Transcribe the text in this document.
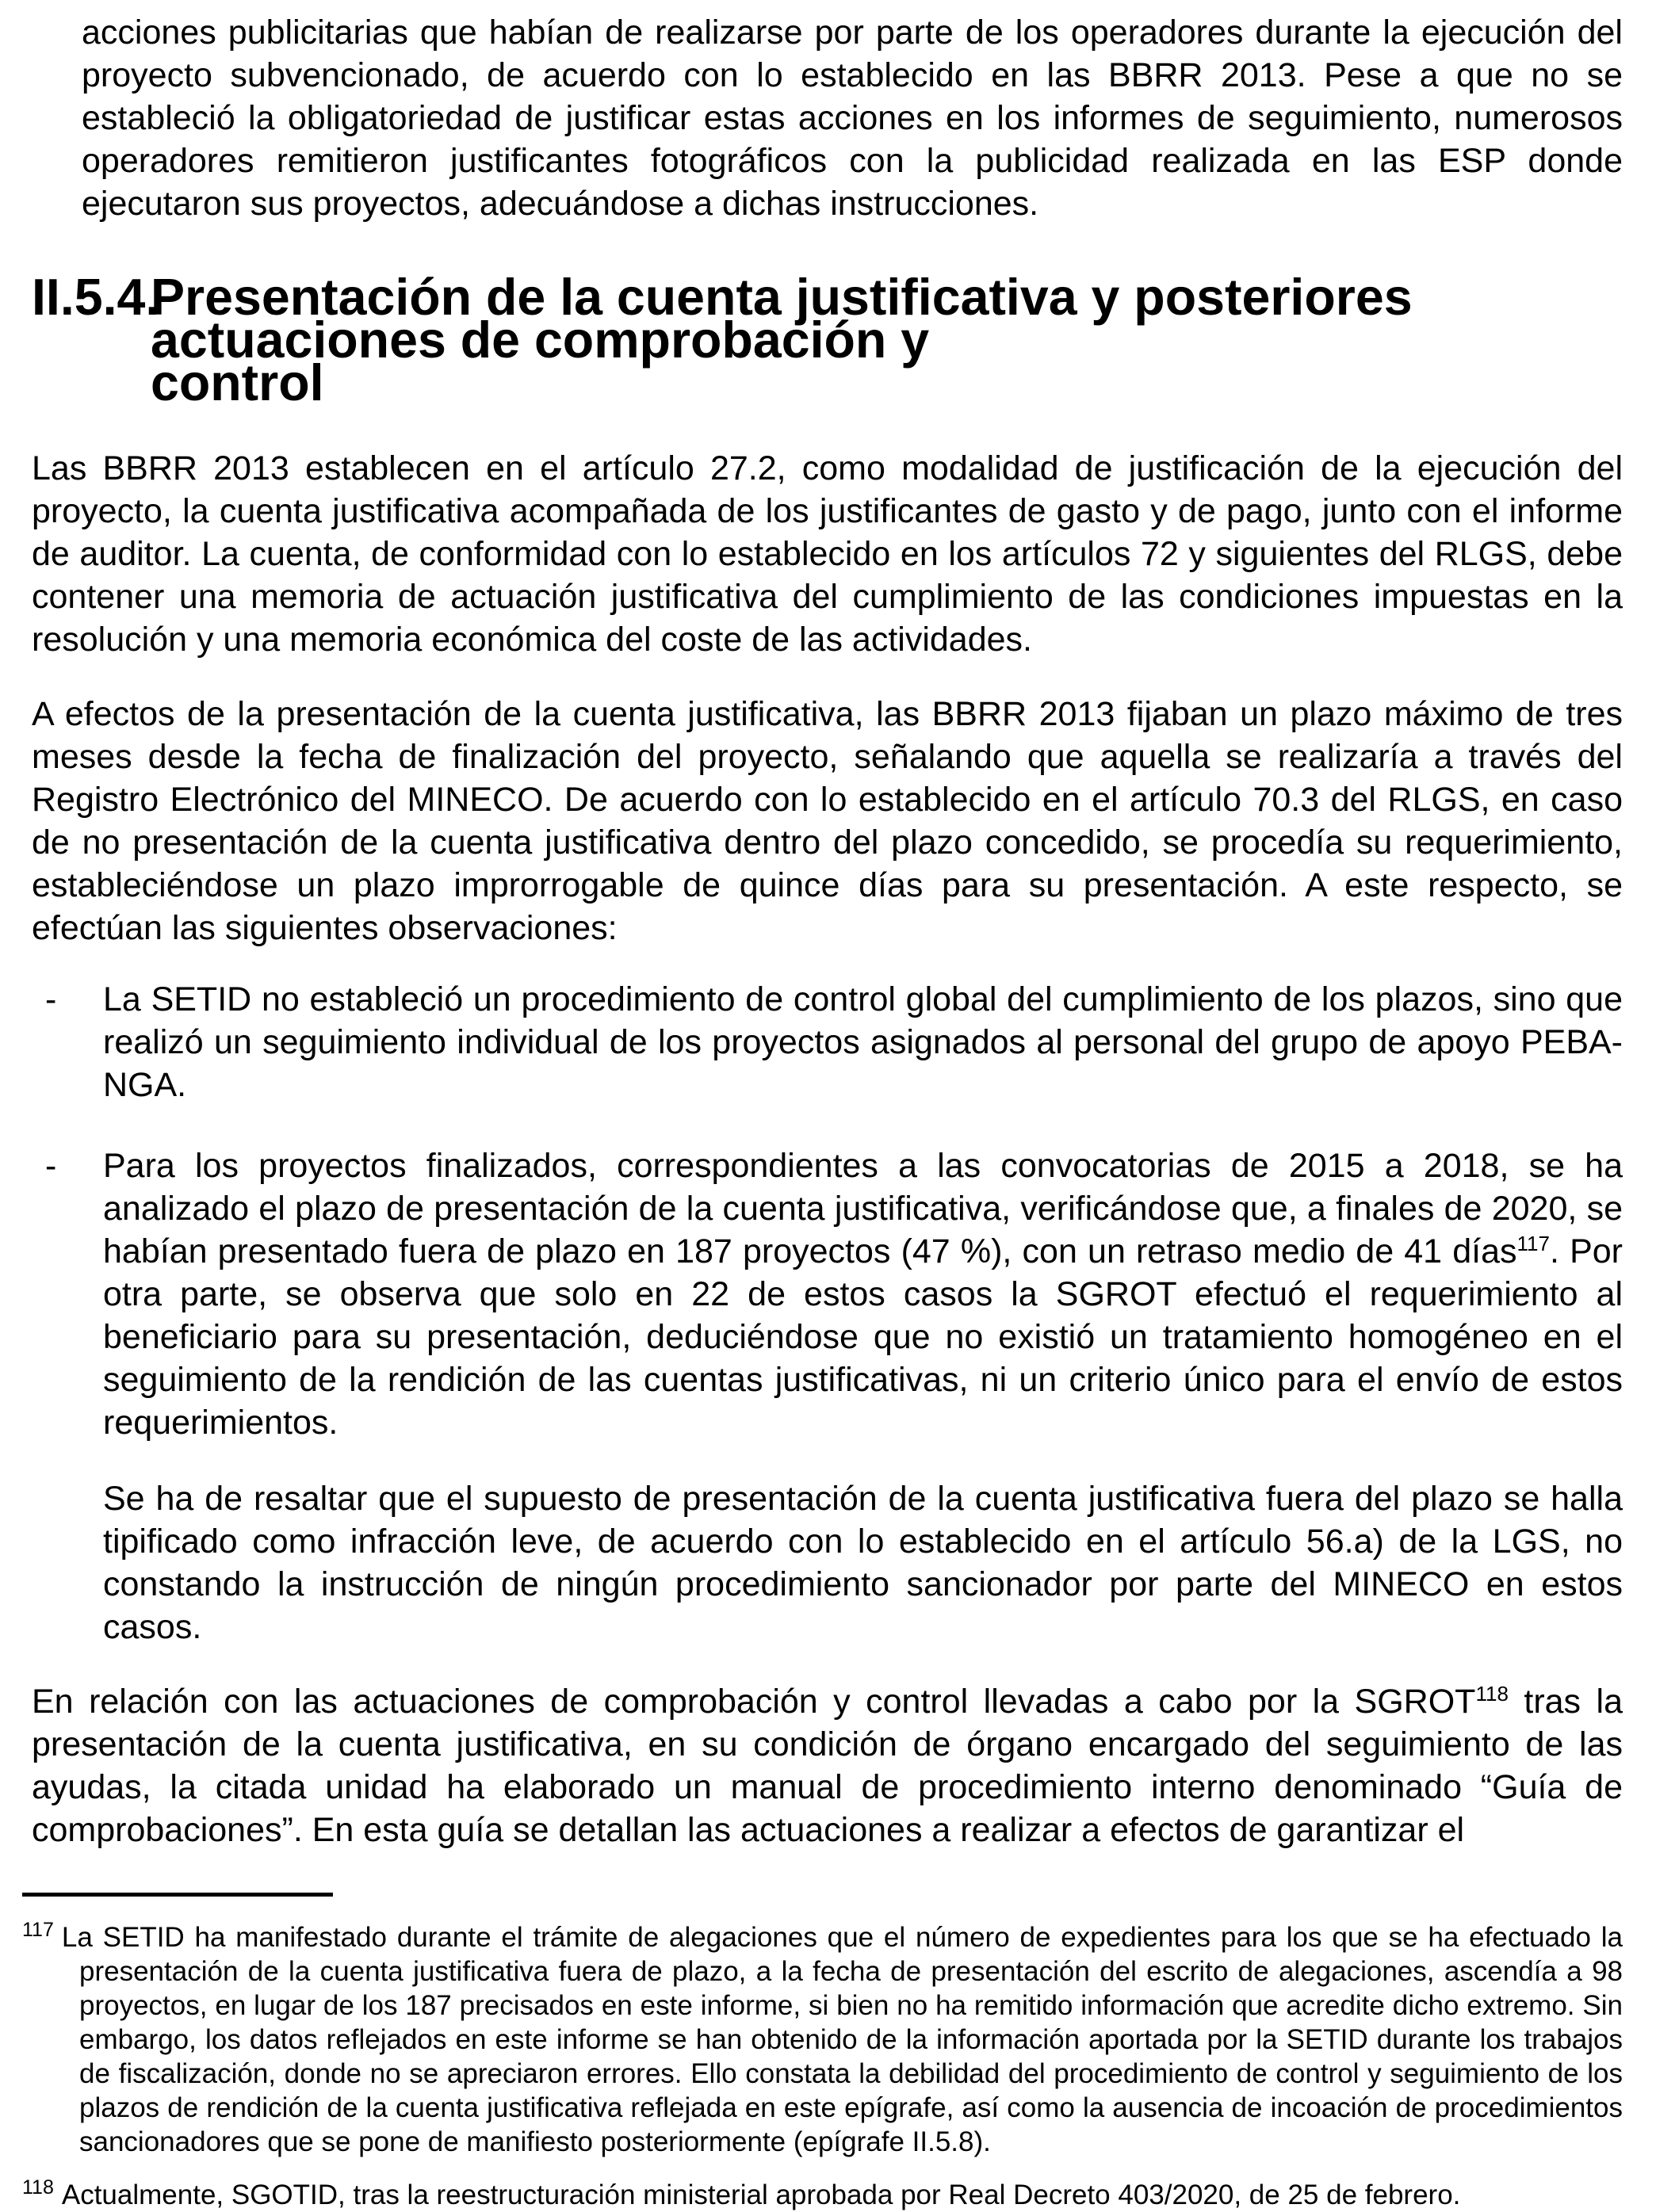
acciones publicitarias que habían de realizarse por parte de los operadores durante la ejecución del proyecto subvencionado, de acuerdo con lo establecido en las BBRR 2013. Pese a que no se estableció la obligatoriedad de justificar estas acciones en los informes de seguimiento, numerosos operadores remitieron justificantes fotográficos con la publicidad realizada en las ESP donde ejecutaron sus proyectos, adecuándose a dichas instrucciones.

II.5.4.
Presentación de la cuenta justificativa y posteriores actuaciones de comprobación y
control

Las BBRR 2013 establecen en el artículo 27.2, como modalidad de justificación de la ejecución del proyecto, la cuenta justificativa acompañada de los justificantes de gasto y de pago, junto con el informe de auditor. La cuenta, de conformidad con lo establecido en los artículos 72 y siguientes del RLGS, debe contener una memoria de actuación justificativa del cumplimiento de las condiciones impuestas en la resolución y una memoria económica del coste de las actividades.

A efectos de la presentación de la cuenta justificativa, las BBRR 2013 fijaban un plazo máximo de tres meses desde la fecha de finalización del proyecto, señalando que aquella se realizaría a través del Registro Electrónico del MINECO. De acuerdo con lo establecido en el artículo 70.3 del RLGS, en caso de no presentación de la cuenta justificativa dentro del plazo concedido, se procedía su requerimiento, estableciéndose un plazo improrrogable de quince días para su presentación. A este respecto, se efectúan las siguientes observaciones:

- La SETID no estableció un procedimiento de control global del cumplimiento de los plazos, sino que realizó un seguimiento individual de los proyectos asignados al personal del grupo de apoyo PEBA-NGA.

- Para los proyectos finalizados, correspondientes a las convocatorias de 2015 a 2018, se ha analizado el plazo de presentación de la cuenta justificativa, verificándose que, a finales de 2020, se habían presentado fuera de plazo en 187 proyectos (47 %), con un retraso medio de 41 días$^{117}$. Por otra parte, se observa que solo en 22 de estos casos la SGROT efectuó el requerimiento al beneficiario para su presentación, deduciéndose que no existió un tratamiento homogéneo en el seguimiento de la rendición de las cuentas justificativas, ni un criterio único para el envío de estos requerimientos.

Se ha de resaltar que el supuesto de presentación de la cuenta justificativa fuera del plazo se halla tipificado como infracción leve, de acuerdo con lo establecido en el artículo 56.a) de la LGS, no constando la instrucción de ningún procedimiento sancionador por parte del MINECO en estos casos.

En relación con las actuaciones de comprobación y control llevadas a cabo por la SGROT$^{118}$ tras la presentación de la cuenta justificativa, en su condición de órgano encargado del seguimiento de las ayudas, la citada unidad ha elaborado un manual de procedimiento interno denominado “Guía de comprobaciones”. En esta guía se detallan las actuaciones a realizar a efectos de garantizar el

$^{117}$ La SETID ha manifestado durante el trámite de alegaciones que el número de expedientes para los que se ha efectuado la presentación de la cuenta justificativa fuera de plazo, a la fecha de presentación del escrito de alegaciones, ascendía a 98 proyectos, en lugar de los 187 precisados en este informe, si bien no ha remitido información que acredite dicho extremo. Sin embargo, los datos reflejados en este informe se han obtenido de la información aportada por la SETID durante los trabajos de fiscalización, donde no se apreciaron errores. Ello constata la debilidad del procedimiento de control y seguimiento de los plazos de rendición de la cuenta justificativa reflejada en este epígrafe, así como la ausencia de incoación de procedimientos sancionadores que se pone de manifiesto posteriormente (epígrafe II.5.8).
$^{118}$ Actualmente, SGOTID, tras la reestructuración ministerial aprobada por Real Decreto 403/2020, de 25 de febrero.
